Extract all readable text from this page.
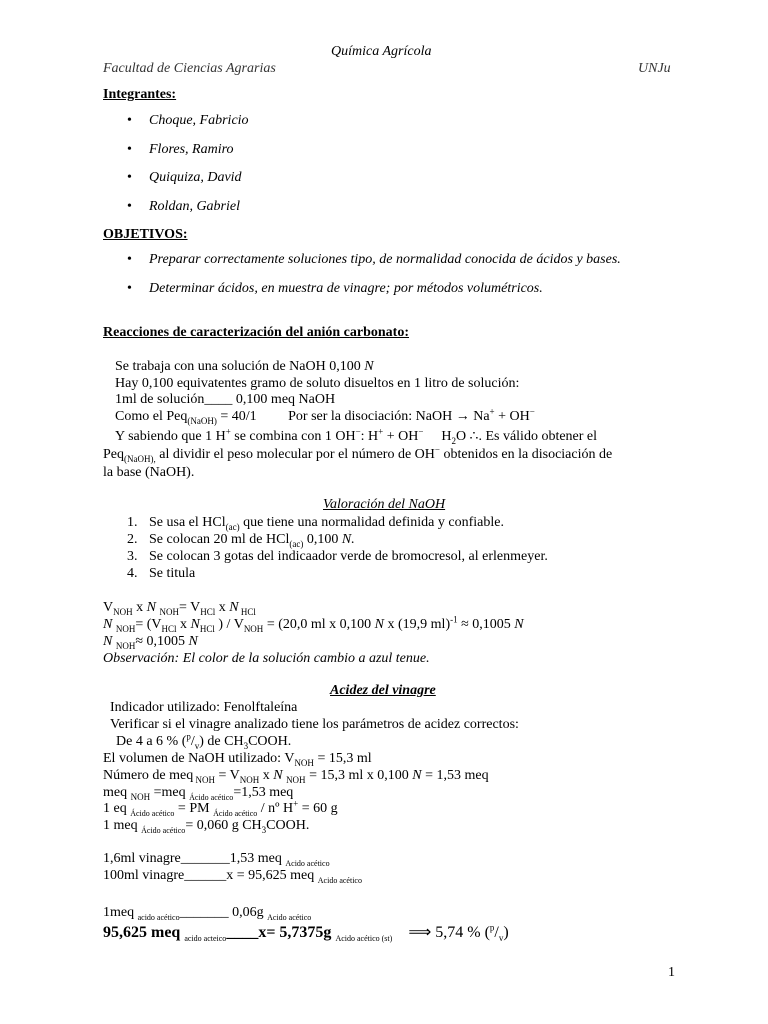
Química Agrícola
Facultad de Ciencias Agrarias	UNJu
Integrantes:
• Choque, Fabricio
• Flores, Ramiro
• Quiquiza, David
• Roldan, Gabriel
OBJETIVOS:
• Preparar correctamente soluciones tipo, de normalidad conocida de ácidos y bases.
• Determinar ácidos, en muestra de vinagre; por métodos volumétricos.
Reacciones de caracterización del anión carbonato:
Se trabaja con una solución de NaOH 0,100 N
Hay 0,100 equivatentes gramo de soluto disueltos en 1 litro de solución:
1ml de solución____ 0,100 meq NaOH
Como el Peq$_{(NaOH)}$ = 40/1 Por ser la disociación: NaOH → Na+ + OH−
Y sabiendo que 1 H+ se combina con 1 OH−: H+ + OH− ⃞ $H_2O$ ∴. Es válido obtener el
Peq$_{(NaOH),}$ al dividir el peso molecular por el número de OH− obtenidos en la disociación de
la base (NaOH).
Valoración del NaOH
1. Se usa el HCl$_{(ac)}$ que tiene una normalidad definida y confiable.
2. Se colocan 20 ml de HCl$_{(ac)}$ 0,100 N.
3. Se colocan 3 gotas del indicaador verde de bromocresol, al erlenmeyer.
4. Se titula
$V_{NOH}$ x N $_{NOH}= V_{HCl}$ x N $_{HCl}$
N $_{NOH}= (V_{HCl}$ x $N_{HCl}$ ) / $V_{NOH} = (20,0$ ml x 0,100 N x (19,9 ml)$^{-1}$ ≈ 0,1005 N
N $_{NOH}$≈ 0,1005 N
Observación: El color de la solución cambio a azul tenue.
Acidez del vinagre
Indicador utilizado: Fenolftaleína
Verificar si el vinagre analizado tiene los parámetros de acidez correctos:
De 4 a 6 % $(^p/_v)$ de $CH_3COOH$.
El volumen de NaOH utilizado: $V_{NOH} = 15,3$ ml
Número de meq $_{NOH} = V_{NOH}$ x N $_{NOH}$ = 15,3 ml x 0,100 N = 1,53 meq
meq $_{NOH}$ =meq $_{Ácido acético}$=1,53 meq
1 eq $_{Ácido acético}$ = PM $_{Ácido acético}$ / nº H+ = 60 g
1 meq $_{Ácido acético}$= 0,060 g $CH_3COOH$.
1,6ml vinagre_______1,53 meq $_{Acido acético}$
100ml vinagre______x = 95,625 meq $_{Acido acético}$
1meq $_{acido acético}$_______ 0,06g $_{Acido acético}$
95,625 meq $_{acido acteico}$____x= 5,7375g $_{Acido acético (st)}$ ⟹ 5,74 % $(^p/_v)$
1
